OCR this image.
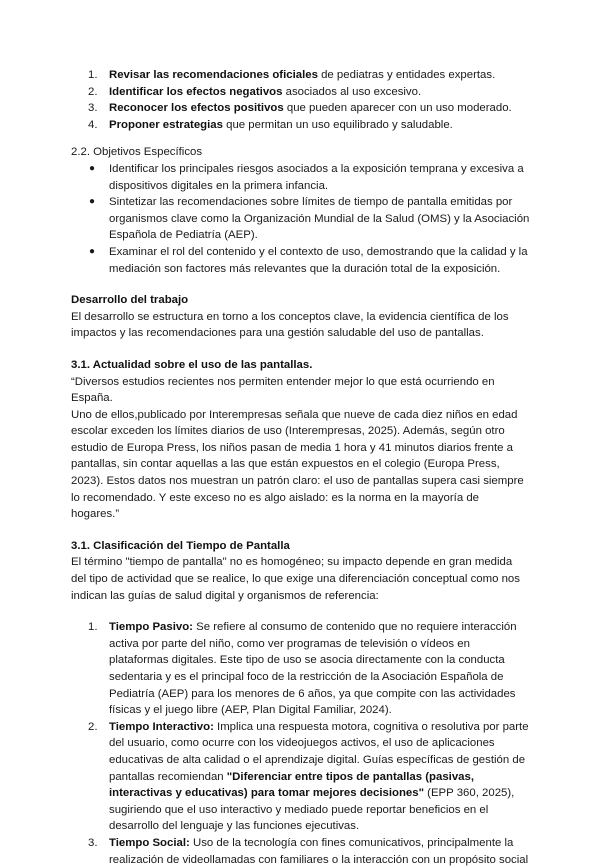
1. Revisar las recomendaciones oficiales de pediatras y entidades expertas.
2. Identificar los efectos negativos asociados al uso excesivo.
3. Reconocer los efectos positivos que pueden aparecer con un uso moderado.
4. Proponer estrategias que permitan un uso equilibrado y saludable.

2.2. Objetivos Específicos

● Identificar los principales riesgos asociados a la exposición temprana y excesiva a dispositivos digitales en la primera infancia.
● Sintetizar las recomendaciones sobre límites de tiempo de pantalla emitidas por organismos clave como la Organización Mundial de la Salud (OMS) y la Asociación Española de Pediatría (AEP).
● Examinar el rol del contenido y el contexto de uso, demostrando que la calidad y la mediación son factores más relevantes que la duración total de la exposición.

Desarrollo del trabajo

El desarrollo se estructura en torno a los conceptos clave, la evidencia científica de los impactos y las recomendaciones para una gestión saludable del uso de pantallas.

3.1. Actualidad sobre el uso de las pantallas.

“Diversos estudios recientes nos permiten entender mejor lo que está ocurriendo en España.

Uno de ellos,publicado por Interempresas señala que nueve de cada diez niños en edad escolar exceden los límites diarios de uso (Interempresas, 2025). Además, según otro estudio de Europa Press, los niños pasan de media 1 hora y 41 minutos diarios frente a pantallas, sin contar aquellas a las que están expuestos en el colegio (Europa Press, 2023). Estos datos nos muestran un patrón claro: el uso de pantallas supera casi siempre lo recomendado. Y este exceso no es algo aislado: es la norma en la mayoría de hogares.”

3.1. Clasificación del Tiempo de Pantalla

El término "tiempo de pantalla" no es homogéneo; su impacto depende en gran medida del tipo de actividad que se realice, lo que exige una diferenciación conceptual como nos indican las guías de salud digital y organismos de referencia:

1. Tiempo Pasivo: Se refiere al consumo de contenido que no requiere interacción activa por parte del niño, como ver programas de televisión o vídeos en plataformas digitales. Este tipo de uso se asocia directamente con la conducta sedentaria y es el principal foco de la restricción de la Asociación Española de Pediatría (AEP) para los menores de 6 años, ya que compite con las actividades físicas y el juego libre (AEP, Plan Digital Familiar, 2024).
2. Tiempo Interactivo: Implica una respuesta motora, cognitiva o resolutiva por parte del usuario, como ocurre con los videojuegos activos, el uso de aplicaciones educativas de alta calidad o el aprendizaje digital. Guías específicas de gestión de pantallas recomiendan "Diferenciar entre tipos de pantallas (pasivas, interactivas y educativas) para tomar mejores decisiones" (EPP 360, 2025), sugiriendo que el uso interactivo y mediado puede reportar beneficios en el desarrollo del lenguaje y las funciones ejecutivas.
3. Tiempo Social: Uso de la tecnología con fines comunicativos, principalmente la realización de videollamadas con familiares o la interacción con un propósito social
